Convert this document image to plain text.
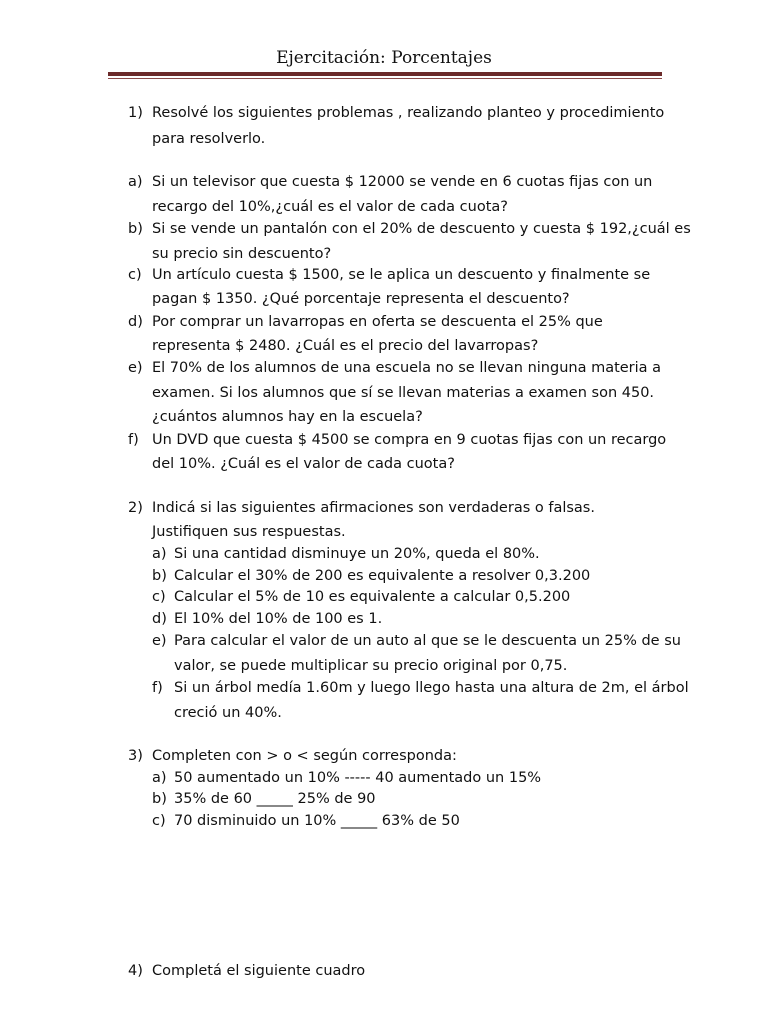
Ejercitación: Porcentajes
1) Resolvé los siguientes problemas , realizando planteo y procedimiento
para resolverlo.
a) Si un televisor que cuesta $ 12000 se vende en 6 cuotas fijas con un
recargo del 10%,¿cuál es el valor de cada cuota?
b) Si se vende un pantalón con el 20% de descuento y cuesta $ 192,¿cuál es
su precio sin descuento?
c) Un artículo cuesta $ 1500, se le aplica un descuento y finalmente se
pagan $ 1350. ¿Qué porcentaje representa el descuento?
d) Por comprar un lavarropas en oferta se descuenta el 25% que
representa $ 2480. ¿Cuál es el precio del lavarropas?
e) El 70% de los alumnos de una escuela no se llevan ninguna materia a
examen. Si los alumnos que sí se llevan materias a examen son 450.
¿cuántos alumnos hay en la escuela?
f) Un DVD que cuesta $ 4500 se compra en 9 cuotas fijas con un recargo
del 10%. ¿Cuál es el valor de cada cuota?
2) Indicá si las siguientes afirmaciones son verdaderas o falsas.
Justifiquen sus respuestas.
a) Si una cantidad disminuye un 20%, queda el 80%.
b) Calcular el 30% de 200 es equivalente a resolver 0,3.200
c) Calcular el 5% de 10 es equivalente a calcular 0,5.200
d) El 10% del 10% de 100 es 1.
e) Para calcular el valor de un auto al que se le descuenta un 25% de su
valor, se puede multiplicar su precio original por 0,75.
f) Si un árbol medía 1.60m y luego llego hasta una altura de 2m, el árbol
creció un 40%.
3) Completen con > o < según corresponda:
a) 50 aumentado un 10% ----- 40 aumentado un 15%
b) 35% de 60 _____ 25% de 90
c) 70 disminuido un 10% _____ 63% de 50
4) Completá el siguiente cuadro
